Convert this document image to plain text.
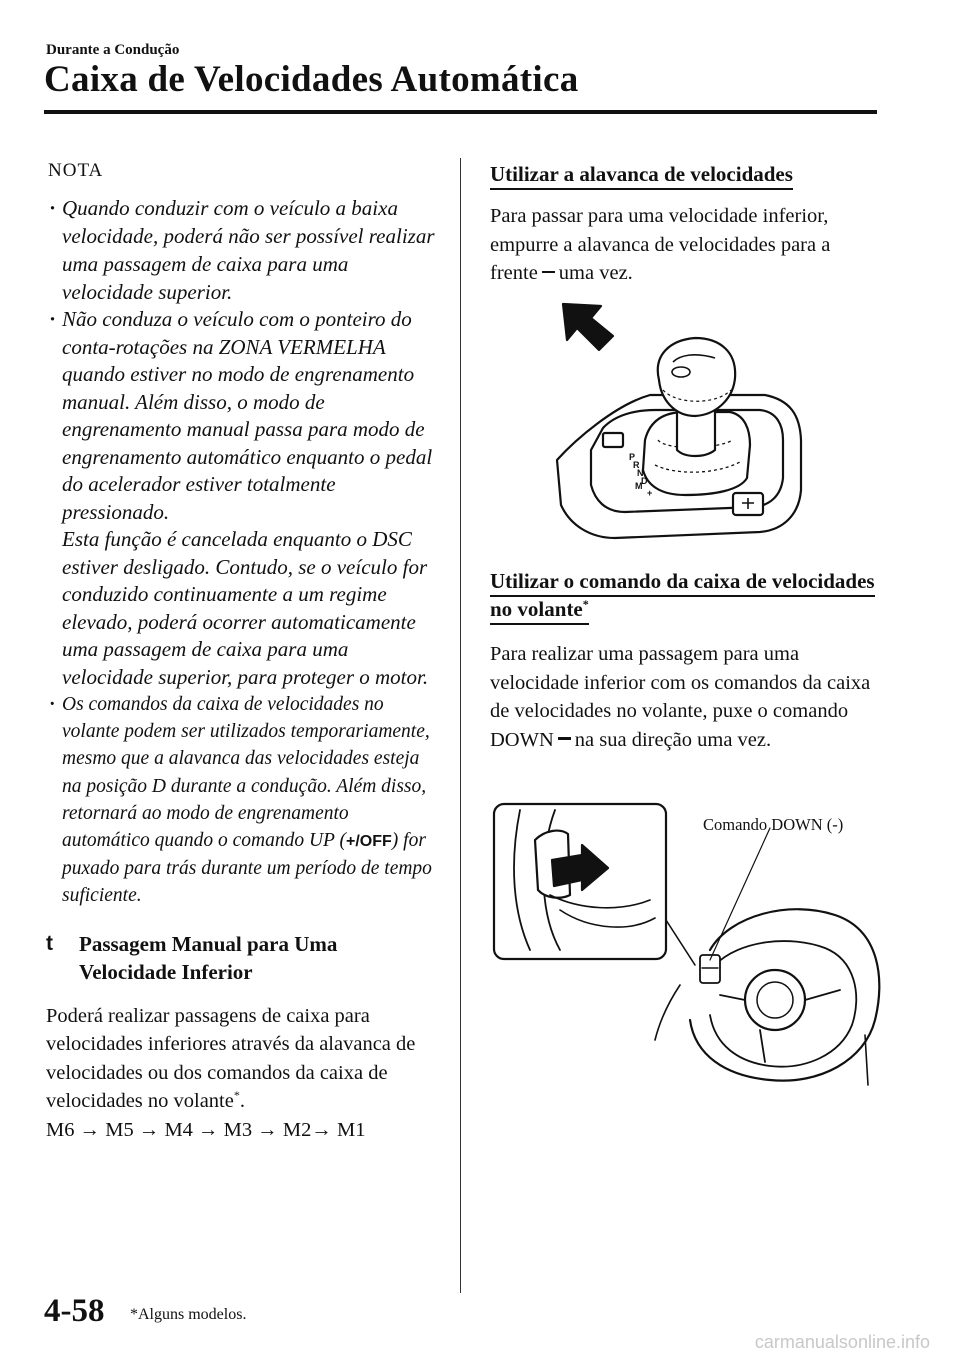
Durante a Condução
Caixa de Velocidades Automática
NOTA
· Quando conduzir com o veículo a baixa velocidade, poderá não ser possível realizar uma passagem de caixa para uma velocidade superior.
· Não conduza o veículo com o ponteiro do conta-rotações na ZONA VERMELHA quando estiver no modo de engrenamento manual. Além disso, o modo de engrenamento manual passa para modo de engrenamento automático enquanto o pedal do acelerador estiver totalmente pressionado.
Esta função é cancelada enquanto o DSC estiver desligado. Contudo, se o veículo for conduzido continuamente a um regime elevado, poderá ocorrer automaticamente uma passagem de caixa para uma velocidade superior, para proteger o motor.
· Os comandos da caixa de velocidades no volante podem ser utilizados temporariamente, mesmo que a alavanca das velocidades esteja na posição D durante a condução. Além disso, retornará ao modo de engrenamento automático quando o comando UP (+/OFF) for puxado para trás durante um período de tempo suficiente.
t Passagem Manual para Uma Velocidade Inferior
Poderá realizar passagens de caixa para velocidades inferiores através da alavanca de velocidades ou dos comandos da caixa de velocidades no volante*.
M6 → M5 → M4 → M3 → M2→ M1
Utilizar a alavanca de velocidades
Para passar para uma velocidade inferior, empurre a alavanca de velocidades para a frente uma vez.
P
R
N
D
M
+
Utilizar o comando da caixa de velocidades no volante*
Para realizar uma passagem para uma velocidade inferior com os comandos da caixa de velocidades no volante, puxe o comando DOWN na sua direção uma vez.
Comando DOWN (-)
4-58 *Alguns modelos.
carmanualsonline.info
